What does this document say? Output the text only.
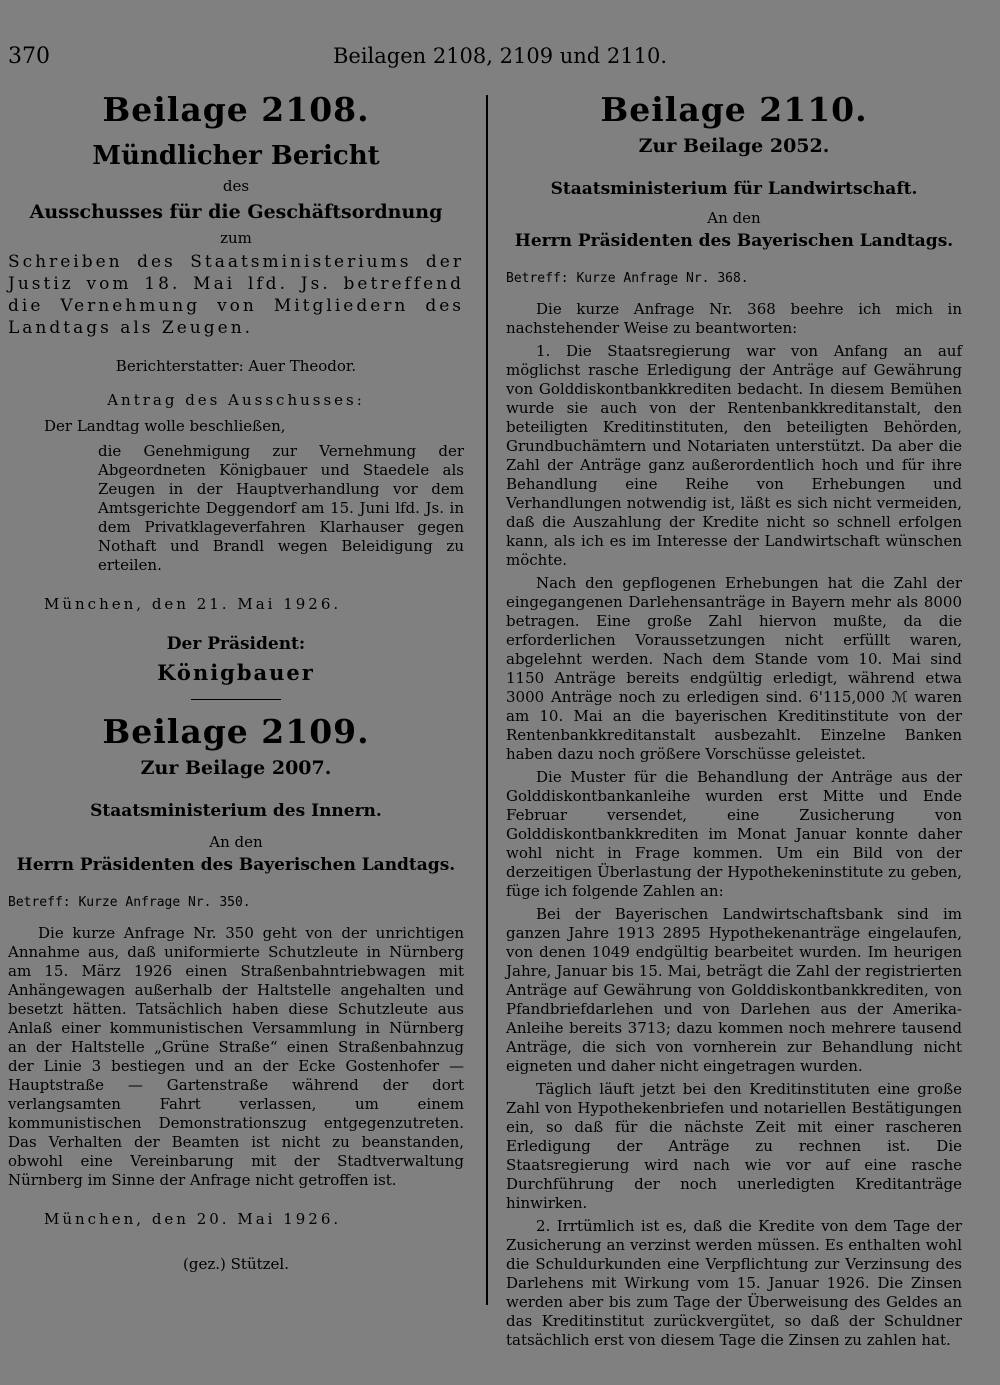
370	Beilagen 2108, 2109 und 2110.

Beilage 2108.

Mündlicher Bericht

des

Ausschusses für die Geschäftsordnung

zum

Schreiben des Staatsministeriums der Justiz vom 18. Mai lfd. Js. betreffend die Vernehmung von Mitgliedern des Landtags als Zeugen.

Berichterstatter: Auer Theodor.

Antrag des Ausschusses:

Der Landtag wolle beschließen,

die Genehmigung zur Vernehmung der Abgeordneten Königbauer und Staedele als Zeugen in der Hauptverhandlung vor dem Amtsgerichte Deggendorf am 15. Juni lfd. Js. in dem Privatklageverfahren Klarhauser gegen Nothaft und Brandl wegen Beleidigung zu erteilen.

München, den 21. Mai 1926.

Der Präsident:

Königbauer

Beilage 2109.

Zur Beilage 2007.

Staatsministerium des Innern.

An den

Herrn Präsidenten des Bayerischen Landtags.

Betreff: Kurze Anfrage Nr. 350.

Die kurze Anfrage Nr. 350 geht von der unrichtigen Annahme aus, daß uniformierte Schutzleute in Nürnberg am 15. März 1926 einen Straßenbahntriebwagen mit Anhängewagen außerhalb der Haltstelle angehalten und besetzt hätten. Tatsächlich haben diese Schutzleute aus Anlaß einer kommunistischen Versammlung in Nürnberg an der Haltstelle „Grüne Straße“ einen Straßenbahnzug der Linie 3 bestiegen und an der Ecke Gostenhofer — Hauptstraße — Gartenstraße während der dort verlangsamten Fahrt verlassen, um einem kommunistischen Demonstrationszug entgegenzutreten. Das Verhalten der Beamten ist nicht zu beanstanden, obwohl eine Vereinbarung mit der Stadtverwaltung Nürnberg im Sinne der Anfrage nicht getroffen ist.

München, den 20. Mai 1926.

(gez.) Stützel.

Beilage 2110.

Zur Beilage 2052.

Staatsministerium für Landwirtschaft.

An den

Herrn Präsidenten des Bayerischen Landtags.

Betreff: Kurze Anfrage Nr. 368.

Die kurze Anfrage Nr. 368 beehre ich mich in nachstehender Weise zu beantworten:

1. Die Staatsregierung war von Anfang an auf möglichst rasche Erledigung der Anträge auf Gewährung von Golddiskontbankkrediten bedacht. In diesem Bemühen wurde sie auch von der Rentenbankkreditanstalt, den beteiligten Kreditinstituten, den beteiligten Behörden, Grundbuchämtern und Notariaten unterstützt. Da aber die Zahl der Anträge ganz außerordentlich hoch und für ihre Behandlung eine Reihe von Erhebungen und Verhandlungen notwendig ist, läßt es sich nicht vermeiden, daß die Auszahlung der Kredite nicht so schnell erfolgen kann, als ich es im Interesse der Landwirtschaft wünschen möchte.

Nach den gepflogenen Erhebungen hat die Zahl der eingegangenen Darlehensanträge in Bayern mehr als 8000 betragen. Eine große Zahl hiervon mußte, da die erforderlichen Voraussetzungen nicht erfüllt waren, abgelehnt werden. Nach dem Stande vom 10. Mai sind 1150 Anträge bereits endgültig erledigt, während etwa 3000 Anträge noch zu erledigen sind. 6'115,000 ℳ waren am 10. Mai an die bayerischen Kreditinstitute von der Rentenbankkreditanstalt ausbezahlt. Einzelne Banken haben dazu noch größere Vorschüsse geleistet.

Die Muster für die Behandlung der Anträge aus der Golddiskontbankanleihe wurden erst Mitte und Ende Februar versendet, eine Zusicherung von Golddiskontbankkrediten im Monat Januar konnte daher wohl nicht in Frage kommen. Um ein Bild von der derzeitigen Überlastung der Hypothekeninstitute zu geben, füge ich folgende Zahlen an:

Bei der Bayerischen Landwirtschaftsbank sind im ganzen Jahre 1913 2895 Hypothekenanträge eingelaufen, von denen 1049 endgültig bearbeitet wurden. Im heurigen Jahre, Januar bis 15. Mai, beträgt die Zahl der registrierten Anträge auf Gewährung von Golddiskontbankkrediten, von Pfandbriefdarlehen und von Darlehen aus der Amerika-Anleihe bereits 3713; dazu kommen noch mehrere tausend Anträge, die sich von vornherein zur Behandlung nicht eigneten und daher nicht eingetragen wurden.

Täglich läuft jetzt bei den Kreditinstituten eine große Zahl von Hypothekenbriefen und notariellen Bestätigungen ein, so daß für die nächste Zeit mit einer rascheren Erledigung der Anträge zu rechnen ist. Die Staatsregierung wird nach wie vor auf eine rasche Durchführung der noch unerledigten Kreditanträge hinwirken.

2. Irrtümlich ist es, daß die Kredite von dem Tage der Zusicherung an verzinst werden müssen. Es enthalten wohl die Schuldurkunden eine Verpflichtung zur Verzinsung des Darlehens mit Wirkung vom 15. Januar 1926. Die Zinsen werden aber bis zum Tage der Überweisung des Geldes an das Kreditinstitut zurückvergütet, so daß der Schuldner tatsächlich erst von diesem Tage die Zinsen zu zahlen hat.
